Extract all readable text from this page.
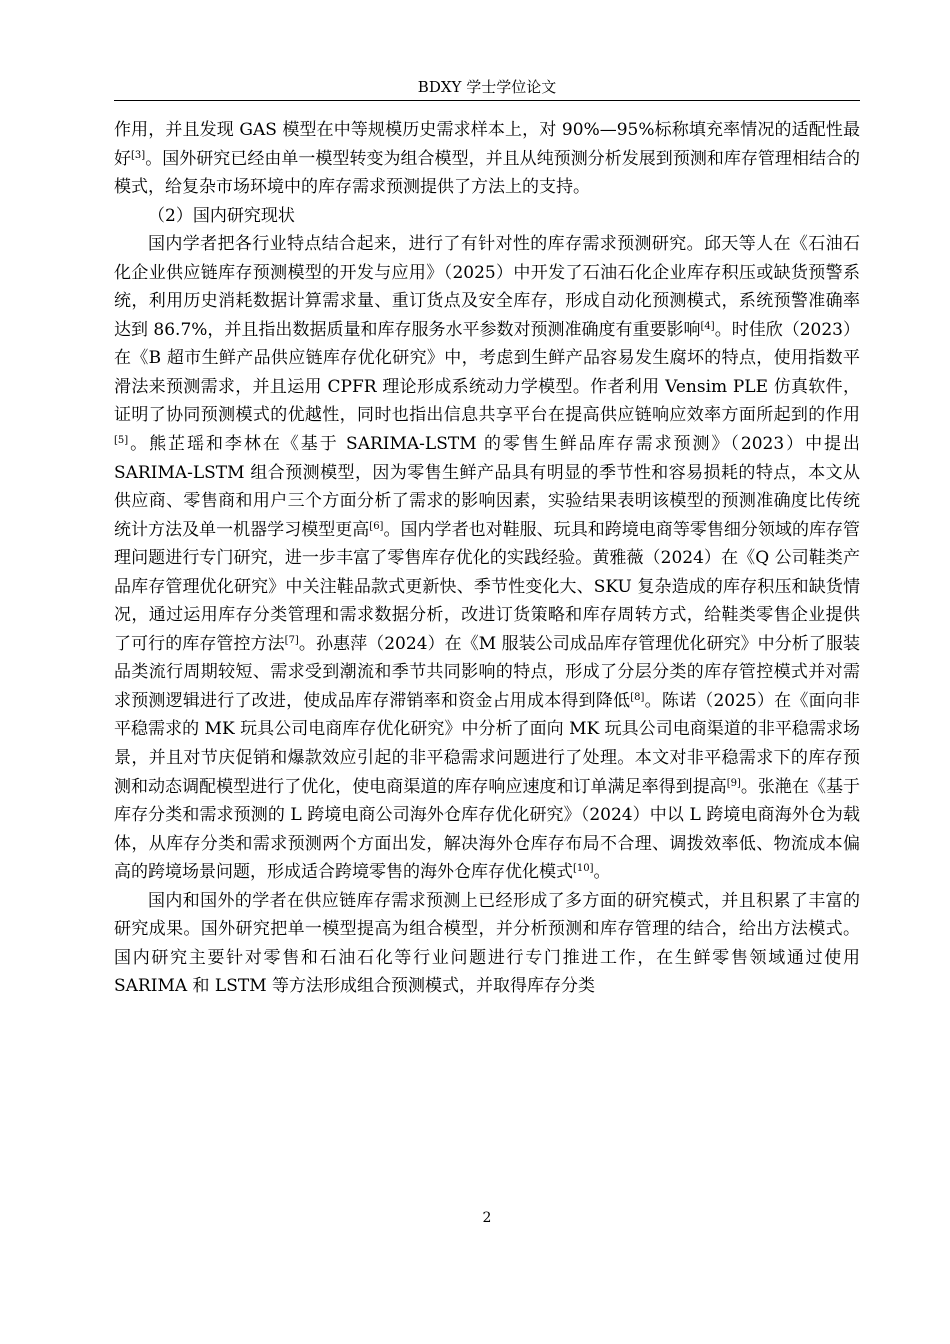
BDXY 学士学位论文

作用，并且发现 GAS 模型在中等规模历史需求样本上，对 90%—95%标称填充率情况的适配性最好[3]。国外研究已经由单一模型转变为组合模型，并且从纯预测分析发展到预测和库存管理相结合的模式，给复杂市场环境中的库存需求预测提供了方法上的支持。

（2）国内研究现状

国内学者把各行业特点结合起来，进行了有针对性的库存需求预测研究。邱天等人在《石油石化企业供应链库存预测模型的开发与应用》（2025）中开发了石油石化企业库存积压或缺货预警系统，利用历史消耗数据计算需求量、重订货点及安全库存，形成自动化预测模式，系统预警准确率达到 86.7%，并且指出数据质量和库存服务水平参数对预测准确度有重要影响[4]。时佳欣（2023）在《B 超市生鲜产品供应链库存优化研究》中，考虑到生鲜产品容易发生腐坏的特点，使用指数平滑法来预测需求，并且运用 CPFR 理论形成系统动力学模型。作者利用 Vensim PLE 仿真软件，证明了协同预测模式的优越性，同时也指出信息共享平台在提高供应链响应效率方面所起到的作用[5]。熊芷瑶和李林在《基于 SARIMA-LSTM 的零售生鲜品库存需求预测》（2023）中提出 SARIMA-LSTM 组合预测模型，因为零售生鲜产品具有明显的季节性和容易损耗的特点，本文从供应商、零售商和用户三个方面分析了需求的影响因素，实验结果表明该模型的预测准确度比传统统计方法及单一机器学习模型更高[6]。国内学者也对鞋服、玩具和跨境电商等零售细分领域的库存管理问题进行专门研究，进一步丰富了零售库存优化的实践经验。黄雅薇（2024）在《Q 公司鞋类产品库存管理优化研究》中关注鞋品款式更新快、季节性变化大、SKU 复杂造成的库存积压和缺货情况，通过运用库存分类管理和需求数据分析，改进订货策略和库存周转方式，给鞋类零售企业提供了可行的库存管控方法[7]。孙惠萍（2024）在《M 服装公司成品库存管理优化研究》中分析了服装品类流行周期较短、需求受到潮流和季节共同影响的特点，形成了分层分类的库存管控模式并对需求预测逻辑进行了改进，使成品库存滞销率和资金占用成本得到降低[8]。陈诺（2025）在《面向非平稳需求的 MK 玩具公司电商库存优化研究》中分析了面向 MK 玩具公司电商渠道的非平稳需求场景，并且对节庆促销和爆款效应引起的非平稳需求问题进行了处理。本文对非平稳需求下的库存预测和动态调配模型进行了优化，使电商渠道的库存响应速度和订单满足率得到提高[9]。张滟在《基于库存分类和需求预测的 L 跨境电商公司海外仓库存优化研究》（2024）中以 L 跨境电商海外仓为载体，从库存分类和需求预测两个方面出发，解决海外仓库存布局不合理、调拨效率低、物流成本偏高的跨境场景问题，形成适合跨境零售的海外仓库存优化模式[10]。

国内和国外的学者在供应链库存需求预测上已经形成了多方面的研究模式，并且积累了丰富的研究成果。国外研究把单一模型提高为组合模型，并分析预测和库存管理的结合，给出方法模式。国内研究主要针对零售和石油石化等行业问题进行专门推进工作，在生鲜零售领域通过使用 SARIMA 和 LSTM 等方法形成组合预测模式，并取得库存分类

2
